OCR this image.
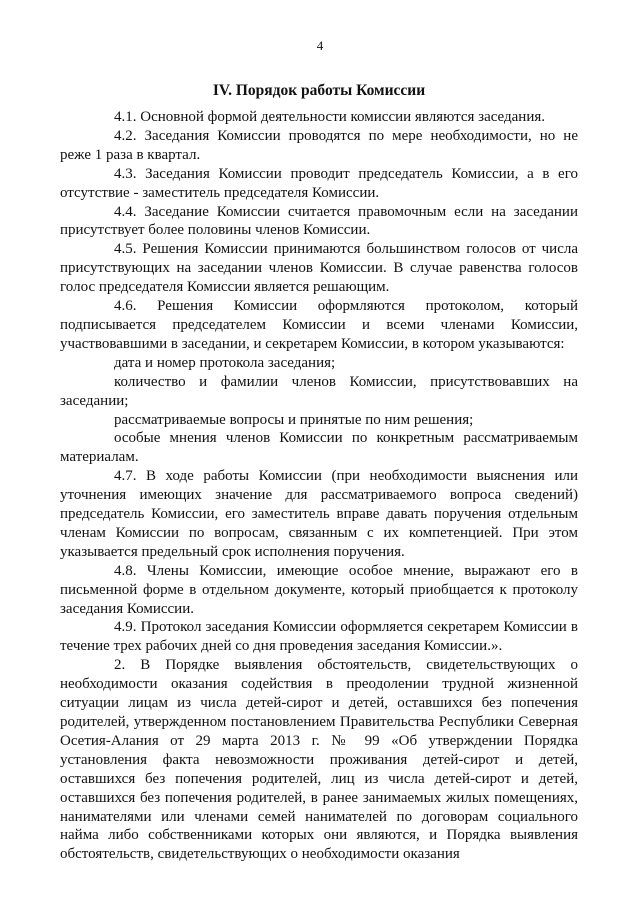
4
IV. Порядок работы Комиссии

4.1. Основной формой деятельности комиссии являются заседания.

4.2. Заседания Комиссии проводятся по мере необходимости, но не реже 1 раза в квартал.

4.3. Заседания Комиссии проводит председатель Комиссии, а в его отсутствие - заместитель председателя Комиссии.

4.4. Заседание Комиссии считается правомочным если на заседании присутствует более половины членов Комиссии.

4.5. Решения Комиссии принимаются большинством голосов от числа присутствующих на заседании членов Комиссии. В случае равенства голосов голос председателя Комиссии является решающим.

4.6. Решения Комиссии оформляются протоколом, который подписывается председателем Комиссии и всеми членами Комиссии, участвовавшими в заседании, и секретарем Комиссии, в котором указываются:

дата и номер протокола заседания;

количество и фамилии членов Комиссии, присутствовавших на заседании;

рассматриваемые вопросы и принятые по ним решения;

особые мнения членов Комиссии по конкретным рассматриваемым материалам.

4.7. В ходе работы Комиссии (при необходимости выяснения или уточнения имеющих значение для рассматриваемого вопроса сведений) председатель Комиссии, его заместитель вправе давать поручения отдельным членам Комиссии по вопросам, связанным с их компетенцией. При этом указывается предельный срок исполнения поручения.

4.8. Члены Комиссии, имеющие особое мнение, выражают его в письменной форме в отдельном документе, который приобщается к протоколу заседания Комиссии.

4.9. Протокол заседания Комиссии оформляется секретарем Комиссии в течение трех рабочих дней со дня проведения заседания Комиссии.».

2. В Порядке выявления обстоятельств, свидетельствующих о необходимости оказания содействия в преодолении трудной жизненной ситуации лицам из числа детей-сирот и детей, оставшихся без попечения родителей, утвержденном постановлением Правительства Республики Северная Осетия-Алания от 29 марта 2013 г. № 99 «Об утверждении Порядка установления факта невозможности проживания детей-сирот и детей, оставшихся без попечения родителей, лиц из числа детей-сирот и детей, оставшихся без попечения родителей, в ранее занимаемых жилых помещениях, нанимателями или членами семей нанимателей по договорам социального найма либо собственниками которых они являются, и Порядка выявления обстоятельств, свидетельствующих о необходимости оказания
